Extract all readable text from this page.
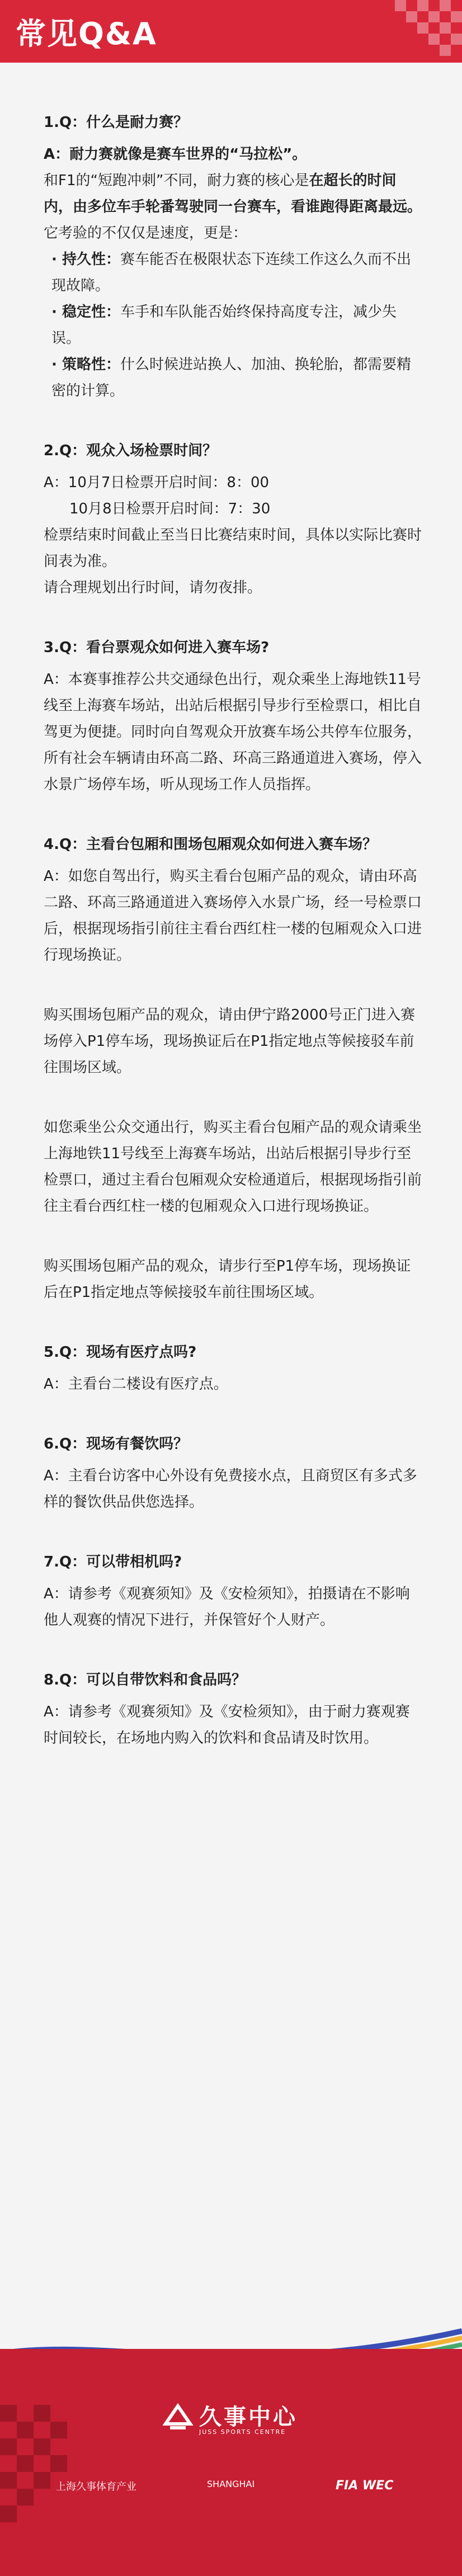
常见Q&A
1.Q：什么是耐力赛？
A：耐力赛就像是赛车世界的“马拉松”。
和F1的“短跑冲刺”不同，耐力赛的核心是在超长的时间内，由多位车手轮番驾驶同一台赛车，看谁跑得距离最远。
它考验的不仅仅是速度，更是：
· 持久性：赛车能否在极限状态下连续工作这么久而不出现故障。
· 稳定性：车手和车队能否始终保持高度专注，减少失误。
· 策略性：什么时候进站换人、加油、换轮胎，都需要精密的计算。
2.Q：观众入场检票时间？
A：10月7日检票开启时间：8：00
10月8日检票开启时间：7：30
检票结束时间截止至当日比赛结束时间，具体以实际比赛时间表为准。
请合理规划出行时间，请勿夜排。
3.Q：看台票观众如何进入赛车场?
A：本赛事推荐公共交通绿色出行，观众乘坐上海地铁11号线至上海赛车场站，出站后根据引导步行至检票口，相比自驾更为便捷。同时向自驾观众开放赛车场公共停车位服务，所有社会车辆请由环高二路、环高三路通道进入赛场，停入水景广场停车场，听从现场工作人员指挥。
4.Q：主看台包厢和围场包厢观众如何进入赛车场？
A：如您自驾出行，购买主看台包厢产品的观众，请由环高二路、环高三路通道进入赛场停入水景广场，经一号检票口后，根据现场指引前往主看台西红柱一楼的包厢观众入口进行现场换证。
购买围场包厢产品的观众，请由伊宁路2000号正门进入赛场停入P1停车场，现场换证后在P1指定地点等候接驳车前往围场区域。
如您乘坐公众交通出行，购买主看台包厢产品的观众请乘坐上海地铁11号线至上海赛车场站，出站后根据引导步行至检票口，通过主看台包厢观众安检通道后，根据现场指引前往主看台西红柱一楼的包厢观众入口进行现场换证。
购买围场包厢产品的观众，请步行至P1停车场，现场换证后在P1指定地点等候接驳车前往围场区域。
5.Q：现场有医疗点吗?
A：主看台二楼设有医疗点。
6.Q：现场有餐饮吗？
A：主看台访客中心外设有免费接水点，且商贸区有多式多样的餐饮供品供您选择。
7.Q：可以带相机吗?
A：请参考《观赛须知》及《安检须知》，拍摄请在不影响他人观赛的情况下进行，并保管好个人财产。
8.Q：可以自带饮料和食品吗？
A：请参考《观赛须知》及《安检须知》，由于耐力赛观赛时间较长，在场地内购入的饮料和食品请及时饮用。
久事中心
JUSS SPORTS CENTRE
上海久事体育产业	SHANGHAI	FIA WEC
